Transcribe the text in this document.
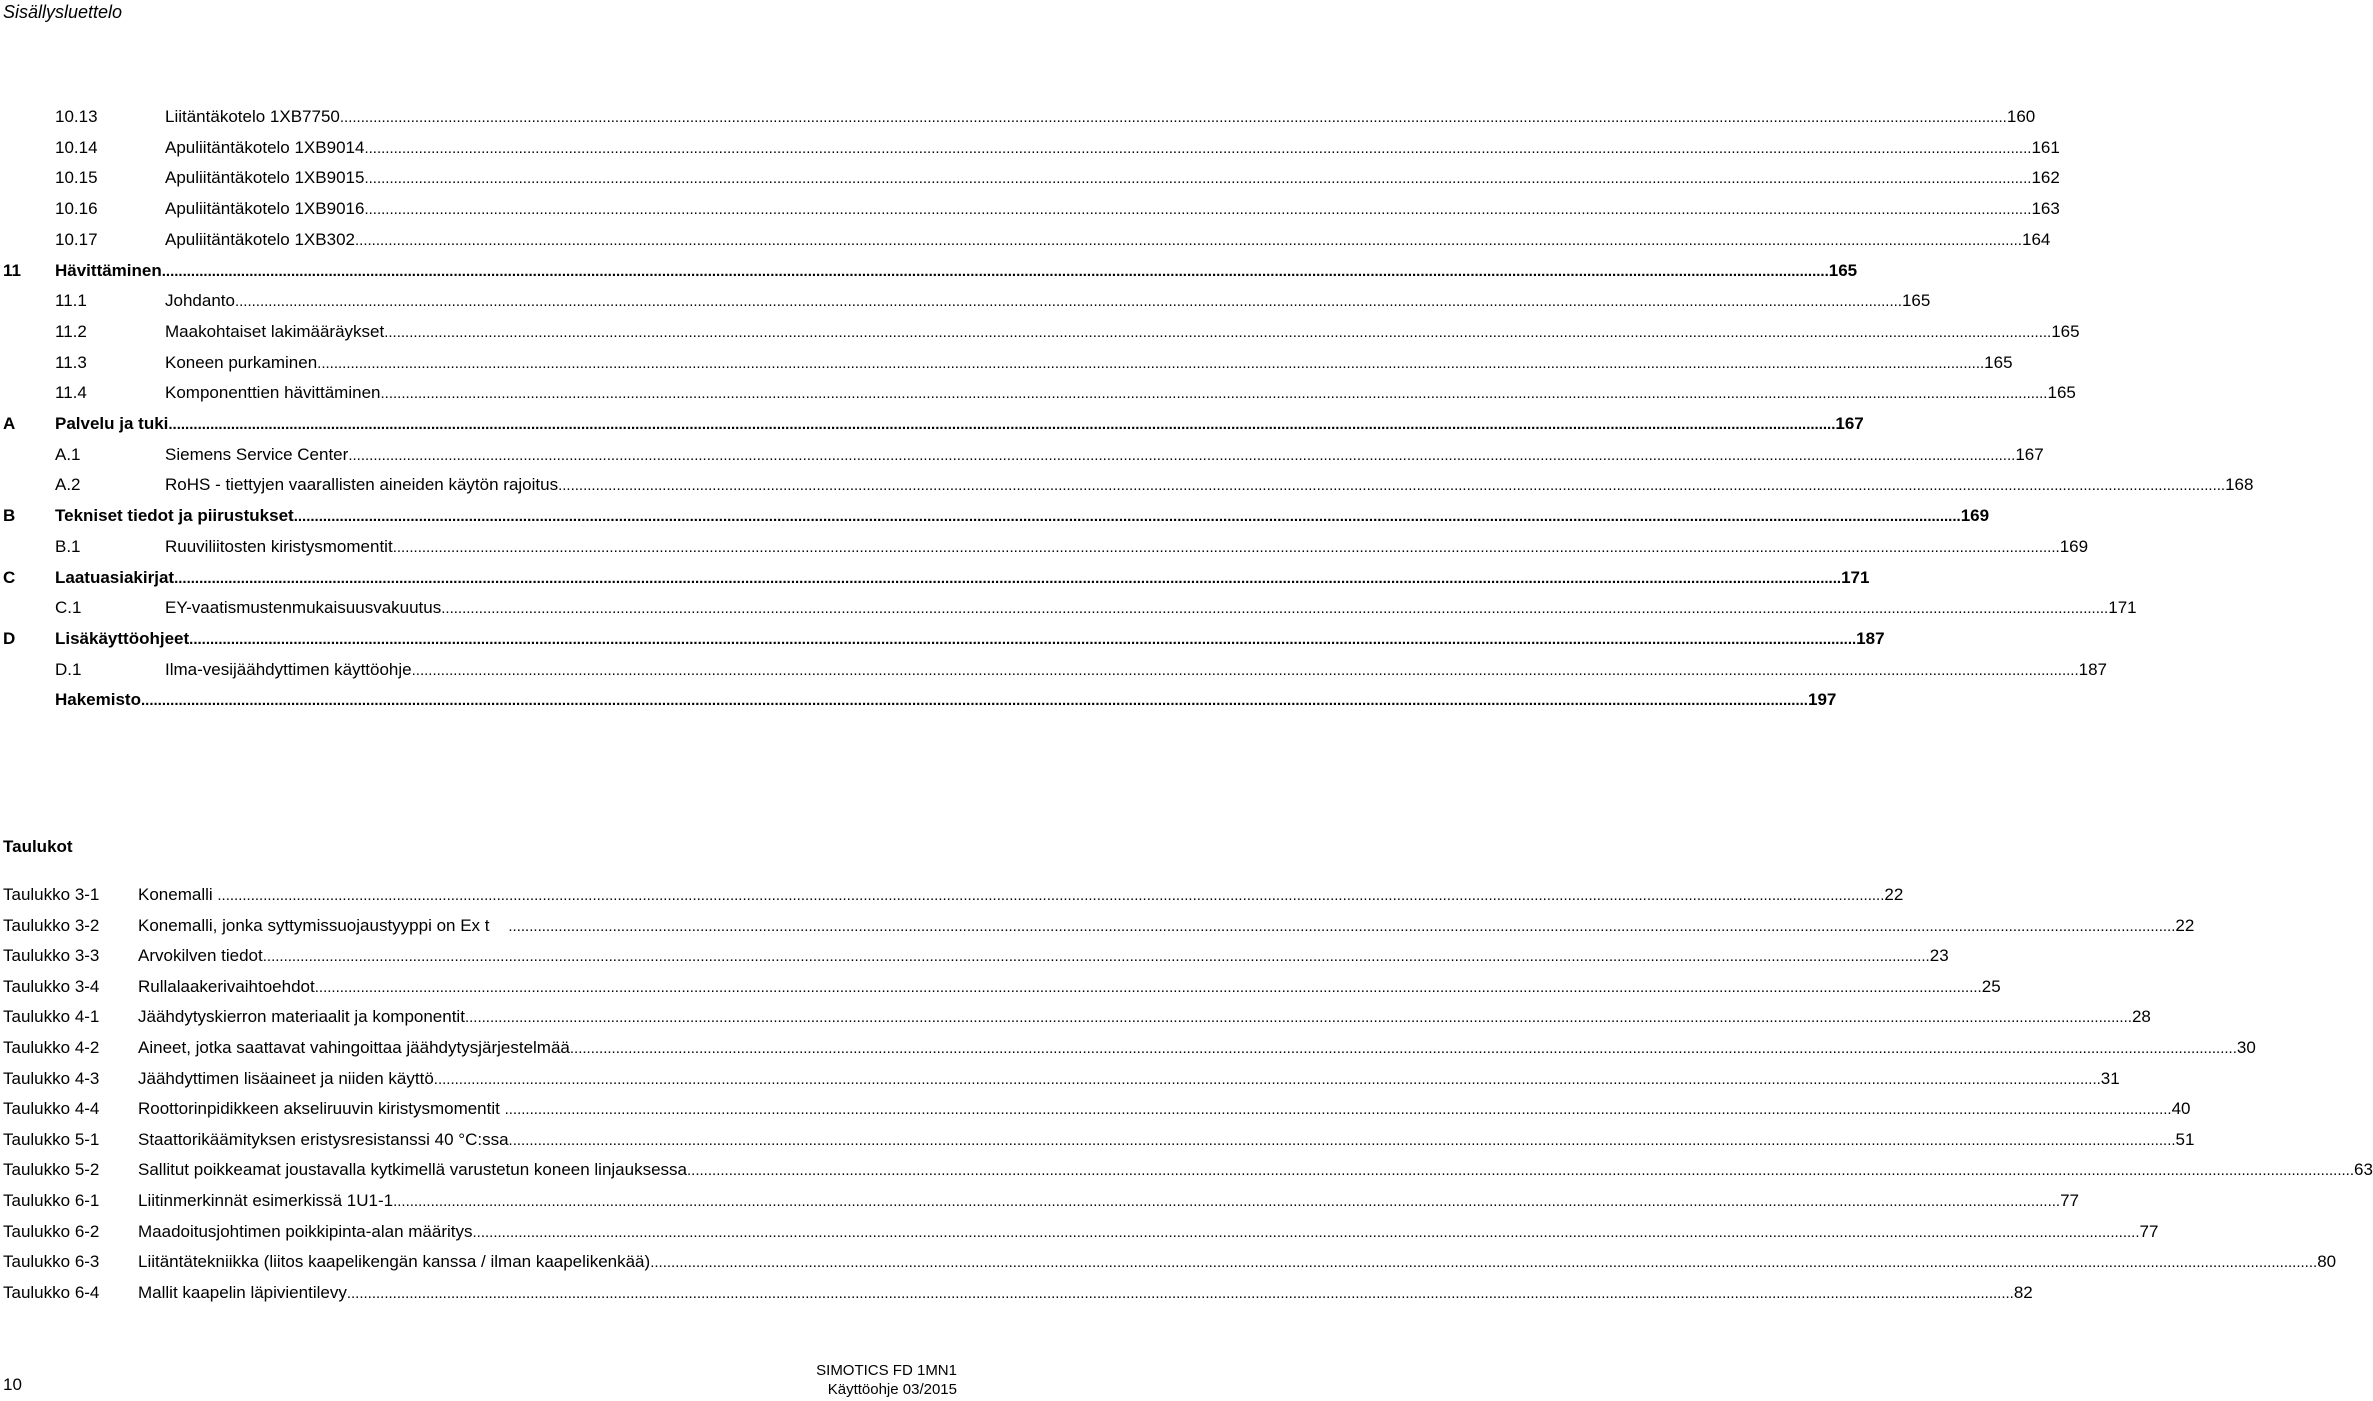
Sisällysluettelo
10.13	Liitäntäkotelo 1XB7750 ................................................................................................................................................................................................................................................................................................................................................................................................................ 160
10.14	Apuliitäntäkotelo 1XB9014 ................................................................................................................................................................................................................................................................................................................................................................................................................ 161
10.15	Apuliitäntäkotelo 1XB9015 ................................................................................................................................................................................................................................................................................................................................................................................................................ 162
10.16	Apuliitäntäkotelo 1XB9016 ................................................................................................................................................................................................................................................................................................................................................................................................................ 163
10.17	Apuliitäntäkotelo 1XB302 ................................................................................................................................................................................................................................................................................................................................................................................................................ 164
11 Hävittäminen ................................................................................................................................................................................................................................................................................................................................................................................................................ 165
11.1	Johdanto ................................................................................................................................................................................................................................................................................................................................................................................................................ 165
11.2	Maakohtaiset lakimääräykset ................................................................................................................................................................................................................................................................................................................................................................................................................ 165
11.3	Koneen purkaminen ................................................................................................................................................................................................................................................................................................................................................................................................................ 165
11.4	Komponenttien hävittäminen ................................................................................................................................................................................................................................................................................................................................................................................................................ 165
A Palvelu ja tuki ................................................................................................................................................................................................................................................................................................................................................................................................................ 167
A.1	Siemens Service Center ................................................................................................................................................................................................................................................................................................................................................................................................................ 167
A.2	RoHS - tiettyjen vaarallisten aineiden käytön rajoitus ................................................................................................................................................................................................................................................................................................................................................................................................................ 168
B Tekniset tiedot ja piirustukset ................................................................................................................................................................................................................................................................................................................................................................................................................ 169
B.1	Ruuviliitosten kiristysmomentit ................................................................................................................................................................................................................................................................................................................................................................................................................ 169
C Laatuasiakirjat ................................................................................................................................................................................................................................................................................................................................................................................................................ 171
C.1	EY-vaatismustenmukaisuusvakuutus ................................................................................................................................................................................................................................................................................................................................................................................................................ 171
D Lisäkäyttöohjeet ................................................................................................................................................................................................................................................................................................................................................................................................................ 187
D.1	Ilma-vesijäähdyttimen käyttöohje ................................................................................................................................................................................................................................................................................................................................................................................................................ 187
Hakemisto ................................................................................................................................................................................................................................................................................................................................................................................................................ 197
Taulukot
Taulukko 3-1 Konemalli ................................................................................................................................................................................................................................................................................................................................................................................................................ 22
Taulukko 3-2 Konemalli, jonka syttymissuojaustyyppi on Ex t ................................................................................................................................................................................................................................................................................................................................................................................................................ 22
Taulukko 3-3 Arvokilven tiedot ................................................................................................................................................................................................................................................................................................................................................................................................................ 23
Taulukko 3-4 Rullalaakerivaihtoehdot ................................................................................................................................................................................................................................................................................................................................................................................................................ 25
Taulukko 4-1 Jäähdytyskierron materiaalit ja komponentit ................................................................................................................................................................................................................................................................................................................................................................................................................ 28
Taulukko 4-2 Aineet, jotka saattavat vahingoittaa jäähdytysjärjestelmää ................................................................................................................................................................................................................................................................................................................................................................................................................ 30
Taulukko 4-3 Jäähdyttimen lisäaineet ja niiden käyttö ................................................................................................................................................................................................................................................................................................................................................................................................................ 31
Taulukko 4-4 Roottorinpidikkeen akseliruuvin kiristysmomentit ................................................................................................................................................................................................................................................................................................................................................................................................................ 40
Taulukko 5-1 Staattorikäämityksen eristysresistanssi 40 °C:ssa ................................................................................................................................................................................................................................................................................................................................................................................................................ 51
Taulukko 5-2 Sallitut poikkeamat joustavalla kytkimellä varustetun koneen linjauksessa ................................................................................................................................................................................................................................................................................................................................................................................................................ 63
Taulukko 6-1 Liitinmerkinnät esimerkissä 1U1-1 ................................................................................................................................................................................................................................................................................................................................................................................................................ 77
Taulukko 6-2 Maadoitusjohtimen poikkipinta-alan määritys ................................................................................................................................................................................................................................................................................................................................................................................................................ 77
Taulukko 6-3 Liitäntätekniikka (liitos kaapelikengän kanssa / ilman kaapelikenkää) ................................................................................................................................................................................................................................................................................................................................................................................................................ 80
Taulukko 6-4 Mallit kaapelin läpivientilevy ................................................................................................................................................................................................................................................................................................................................................................................................................ 82
10
SIMOTICS FD 1MN1
Käyttöohje 03/2015
